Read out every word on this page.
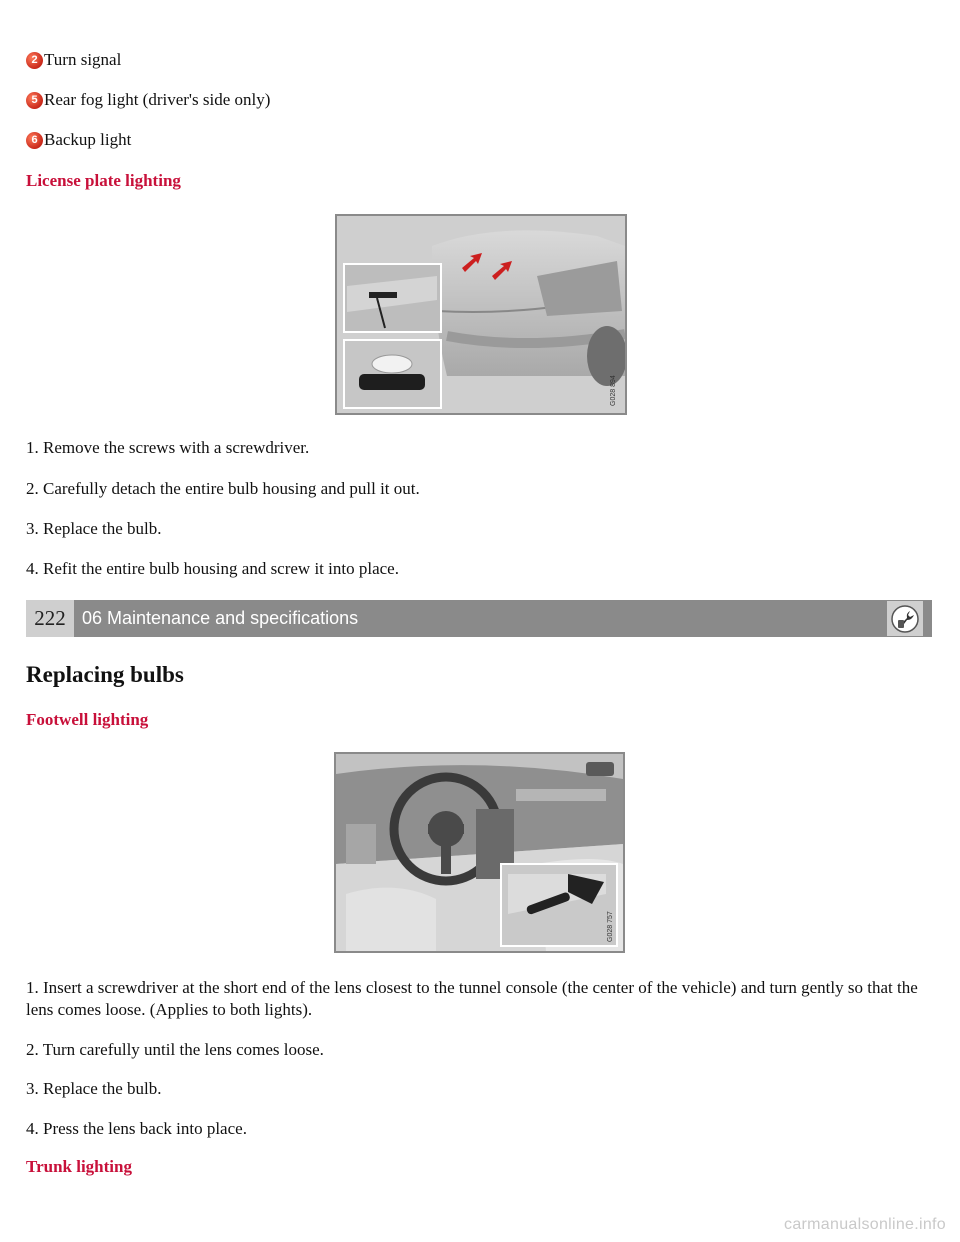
2 Turn signal
5 Rear fog light (driver's side only)
6 Backup light
License plate lighting
G028 894
1. Remove the screws with a screwdriver.
2. Carefully detach the entire bulb housing and pull it out.
3. Replace the bulb.
4. Refit the entire bulb housing and screw it into place.
222 06 Maintenance and specifications
Replacing bulbs
Footwell lighting
G028 757
1. Insert a screwdriver at the short end of the lens closest to the tunnel console (the center of the vehicle) and turn gently so that the lens comes loose. (Applies to both lights).
2. Turn carefully until the lens comes loose.
3. Replace the bulb.
4. Press the lens back into place.
Trunk lighting
carmanualsonline.info
